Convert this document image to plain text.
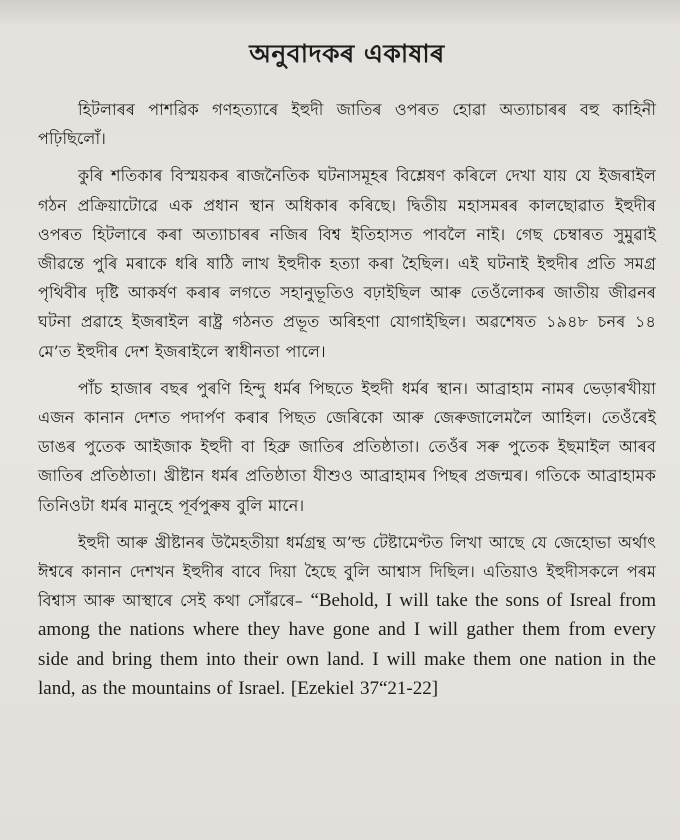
অনুবাদকৰ একাষাৰ

হিটলাৰৰ পাশৱিক গণহত্যাৰে ইহুদী জাতিৰ ওপৰত হোৱা অত্যাচাৰৰ বহু কাহিনী পঢ়িছিলোঁ।

কুৰি শতিকাৰ বিস্ময়কৰ ৰাজনৈতিক ঘটনাসমূহৰ বিশ্লেষণ কৰিলে দেখা যায় যে ইজৰাইল গঠন প্ৰক্ৰিয়াটোৱে এক প্ৰধান স্থান অধিকাৰ কৰিছে। দ্বিতীয় মহাসমৰৰ কালছোৱাত ইহুদীৰ ওপৰত হিটলাৰে কৰা অত্যাচাৰৰ নজিৰ বিশ্ব ইতিহাসত পাবলৈ নাই। গেছ চেম্বাৰত সুমুৱাই জীৱন্তে পুৰি মৰাকে ধৰি ষাঠি লাখ ইহুদীক হত্যা কৰা হৈছিল। এই ঘটনাই ইহুদীৰ প্ৰতি সমগ্ৰ পৃথিবীৰ দৃষ্টি আকৰ্ষণ কৰাৰ লগতে সহানুভূতিও বঢ়াইছিল আৰু তেওঁলোকৰ জাতীয় জীৱনৰ ঘটনা প্ৰৱাহে ইজৰাইল ৰাষ্ট্ৰ গঠনত প্ৰভূত অৰিহণা যোগাইছিল। অৱশেষত ১৯৪৮ চনৰ ১৪ মে’ত ইহুদীৰ দেশ ইজৰাইলে স্বাধীনতা পালে।

পাঁচ হাজাৰ বছৰ পুৰণি হিন্দু ধৰ্মৰ পিছতে ইহুদী ধৰ্মৰ স্থান। আব্ৰাহাম নামৰ ভেড়াৰখীয়া এজন কানান দেশত পদাৰ্পণ কৰাৰ পিছত জেৰিকো আৰু জেৰুজালেমলৈ আহিল। তেওঁৰেই ডাঙৰ পুতেক আইজাক ইহুদী বা হিব্ৰু জাতিৰ প্ৰতিষ্ঠাতা। তেওঁৰ সৰু পুতেক ইছমাইল আৰব জাতিৰ প্ৰতিষ্ঠাতা। খ্ৰীষ্টান ধৰ্মৰ প্ৰতিষ্ঠাতা যীশুও আব্ৰাহামৰ পিছৰ প্ৰজন্মৰ। গতিকে আব্ৰাহামক তিনিওটা ধৰ্মৰ মানুহে পূৰ্বপুৰুষ বুলি মানে।

ইহুদী আৰু খ্ৰীষ্টানৰ উমৈহতীয়া ধৰ্মগ্ৰন্থ অ’ল্ড টেষ্টামেণ্টত লিখা আছে যে জেহোভা অৰ্থাৎ ঈশ্বৰে কানান দেশখন ইহুদীৰ বাবে দিয়া হৈছে বুলি আশ্বাস দিছিল। এতিয়াও ইহুদীসকলে পৰম বিশ্বাস আৰু আস্থাৰে সেই কথা সোঁৱৰে– “Behold, I will take the sons of Isreal from among the nations where they have gone and I will gather them from every side and bring them into their own land. I will make them one nation in the land, as the mountains of Israel. [Ezekiel 37“21-22]
